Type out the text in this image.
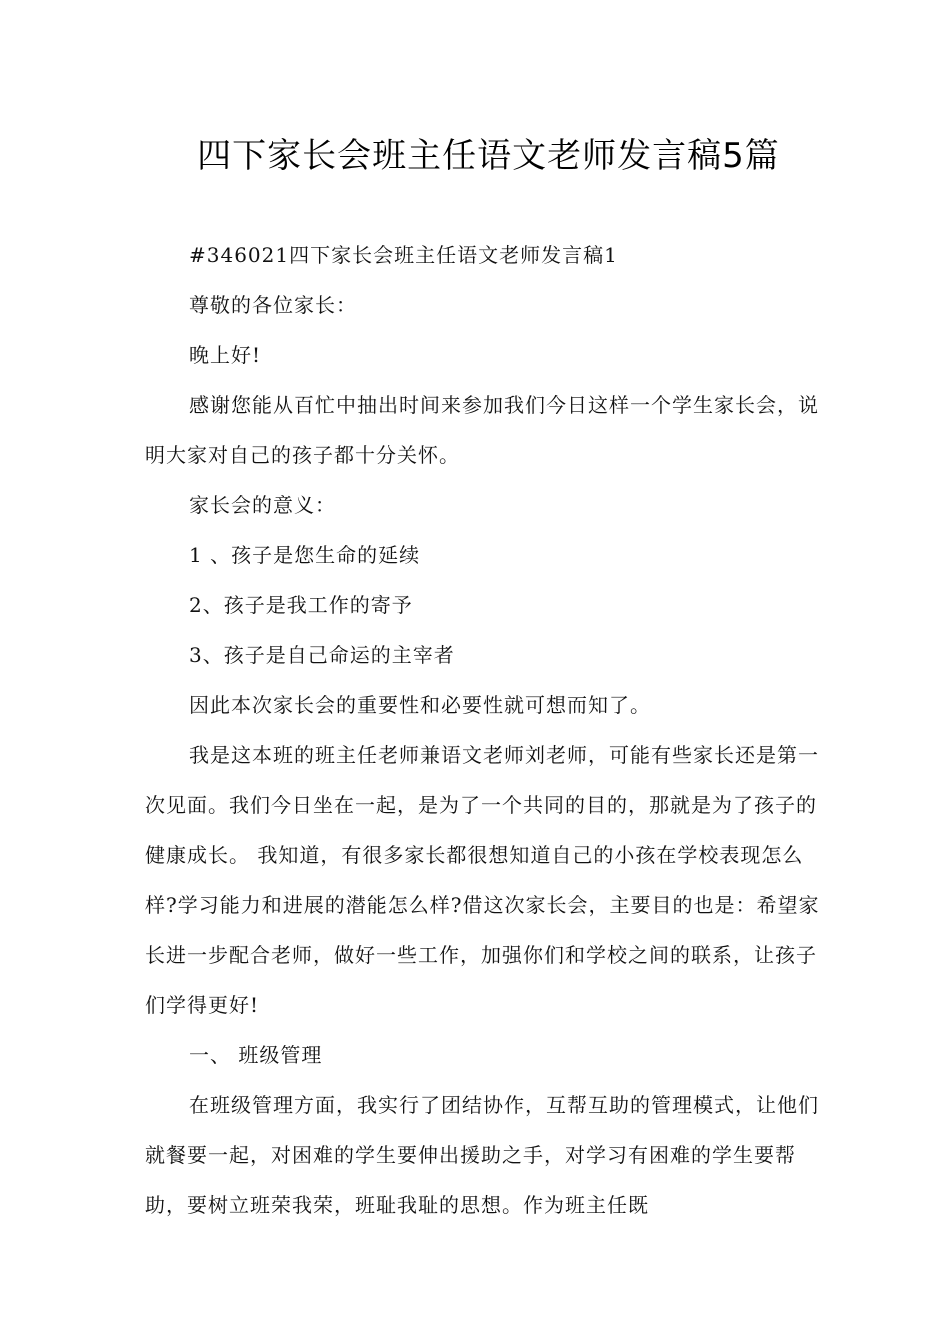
四下家长会班主任语文老师发言稿5篇

#346021四下家长会班主任语文老师发言稿1

尊敬的各位家长：

晚上好!

感谢您能从百忙中抽出时间来参加我们今日这样一个学生家长会，说明大家对自己的孩子都十分关怀。

家长会的意义：

1 、孩子是您生命的延续

2、孩子是我工作的寄予

3、孩子是自己命运的主宰者

因此本次家长会的重要性和必要性就可想而知了。

我是这本班的班主任老师兼语文老师刘老师，可能有些家长还是第一次见面。我们今日坐在一起，是为了一个共同的目的，那就是为了孩子的健康成长。 我知道，有很多家长都很想知道自己的小孩在学校表现怎么样?学习能力和进展的潜能怎么样?借这次家长会，主要目的也是：希望家长进一步配合老师，做好一些工作，加强你们和学校之间的联系，让孩子们学得更好!

一、 班级管理

在班级管理方面，我实行了团结协作，互帮互助的管理模式，让他们就餐要一起，对困难的学生要伸出援助之手，对学习有困难的学生要帮助，要树立班荣我荣，班耻我耻的思想。作为班主任既
